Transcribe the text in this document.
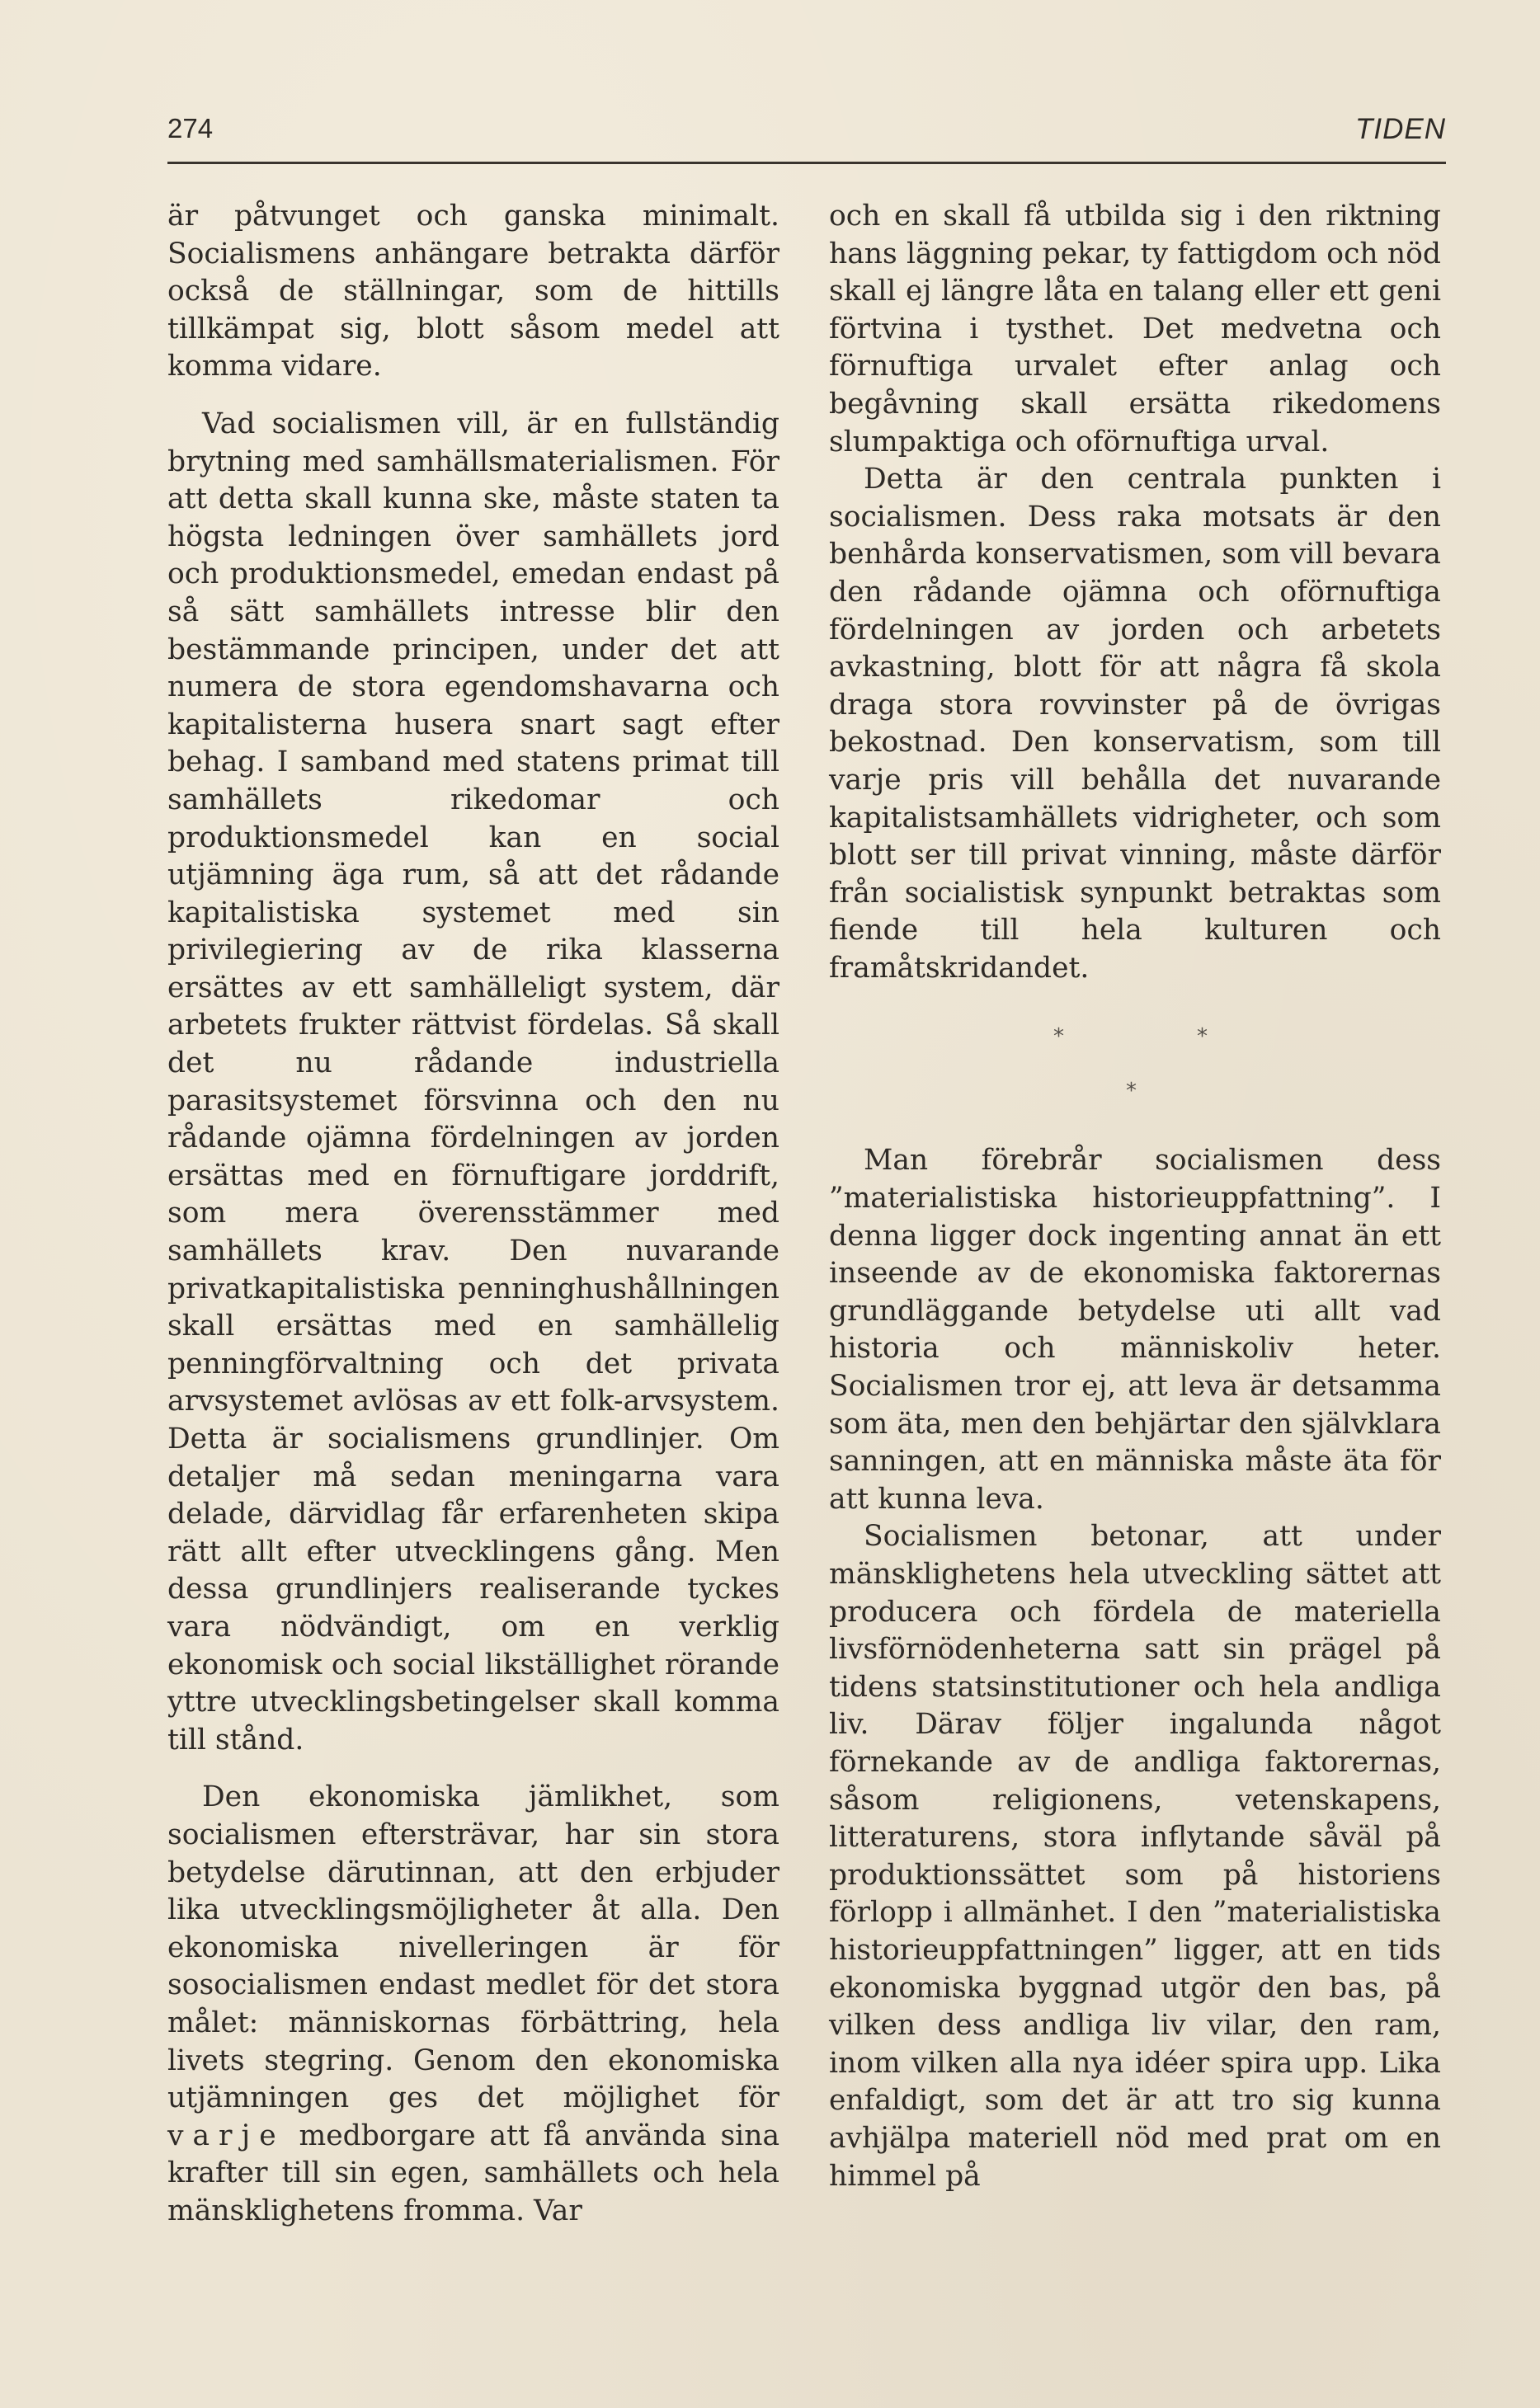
274	TIDEN

är påtvunget och ganska minimalt. Socialismens anhängare betrakta därför också de ställningar, som de hittills tillkämpat sig, blott såsom medel att komma vidare.

Vad socialismen vill, är en fullständig brytning med samhällsmaterialismen. För att detta skall kunna ske, måste staten ta högsta ledningen över samhällets jord och produktionsmedel, emedan endast på så sätt samhällets intresse blir den bestämmande principen, under det att numera de stora egendomshavarna och kapitalisterna husera snart sagt efter behag. I samband med statens primat till samhällets rikedomar och produktionsmedel kan en social utjämning äga rum, så att det rådande kapitalistiska systemet med sin privilegiering av de rika klasserna ersättes av ett samhälleligt system, där arbetets frukter rättvist fördelas. Så skall det nu rådande industriella parasitsystemet försvinna och den nu rådande ojämna fördelningen av jorden ersättas med en förnuftigare jorddrift, som mera överensstämmer med samhällets krav. Den nuvarande privatkapitalistiska penninghushållningen skall ersättas med en samhällelig penningförvaltning och det privata arvsystemet avlösas av ett folk-arvsystem. Detta är socialismens grundlinjer. Om detaljer må sedan meningarna vara delade, därvidlag får erfarenheten skipa rätt allt efter utvecklingens gång. Men dessa grundlinjers realiserande tyckes vara nödvändigt, om en verklig ekonomisk och social likställighet rörande yttre utvecklingsbetingelser skall komma till stånd.

Den ekonomiska jämlikhet, som socialismen eftersträvar, har sin stora betydelse därutinnan, att den erbjuder lika utvecklingsmöjligheter åt alla. Den ekonomiska nivelleringen är för sosocialismen endast medlet för det stora målet: människornas förbättring, hela livets stegring. Genom den ekonomiska utjämningen ges det möjlighet för varje medborgare att få använda sina krafter till sin egen, samhällets och hela mänsklighetens fromma. Var

och en skall få utbilda sig i den riktning hans läggning pekar, ty fattigdom och nöd skall ej längre låta en talang eller ett geni förtvina i tysthet. Det medvetna och förnuftiga urvalet efter anlag och begåvning skall ersätta rikedomens slumpaktiga och oförnuftiga urval.

Detta är den centrala punkten i socialismen. Dess raka motsats är den benhårda konservatismen, som vill bevara den rådande ojämna och oförnuftiga fördelningen av jorden och arbetets avkastning, blott för att några få skola draga stora rovvinster på de övrigas bekostnad. Den konservatism, som till varje pris vill behålla det nuvarande kapitalistsamhällets vidrigheter, och som blott ser till privat vinning, måste därför från socialistisk synpunkt betraktas som fiende till hela kulturen och framåtskridandet.

*	*
*

Man förebrår socialismen dess ”materialistiska historieuppfattning”. I denna ligger dock ingenting annat än ett inseende av de ekonomiska faktorernas grundläggande betydelse uti allt vad historia och människoliv heter. Socialismen tror ej, att leva är detsamma som äta, men den behjärtar den självklara sanningen, att en människa måste äta för att kunna leva.

Socialismen betonar, att under mänsklighetens hela utveckling sättet att producera och fördela de materiella livsförnödenheterna satt sin prägel på tidens statsinstitutioner och hela andliga liv. Därav följer ingalunda något förnekande av de andliga faktorernas, såsom religionens, vetenskapens, litteraturens, stora inflytande såväl på produktionssättet som på historiens förlopp i allmänhet. I den ”materialistiska historieuppfattningen” ligger, att en tids ekonomiska byggnad utgör den bas, på vilken dess andliga liv vilar, den ram, inom vilken alla nya idéer spira upp. Lika enfaldigt, som det är att tro sig kunna avhjälpa materiell nöd med prat om en himmel på
